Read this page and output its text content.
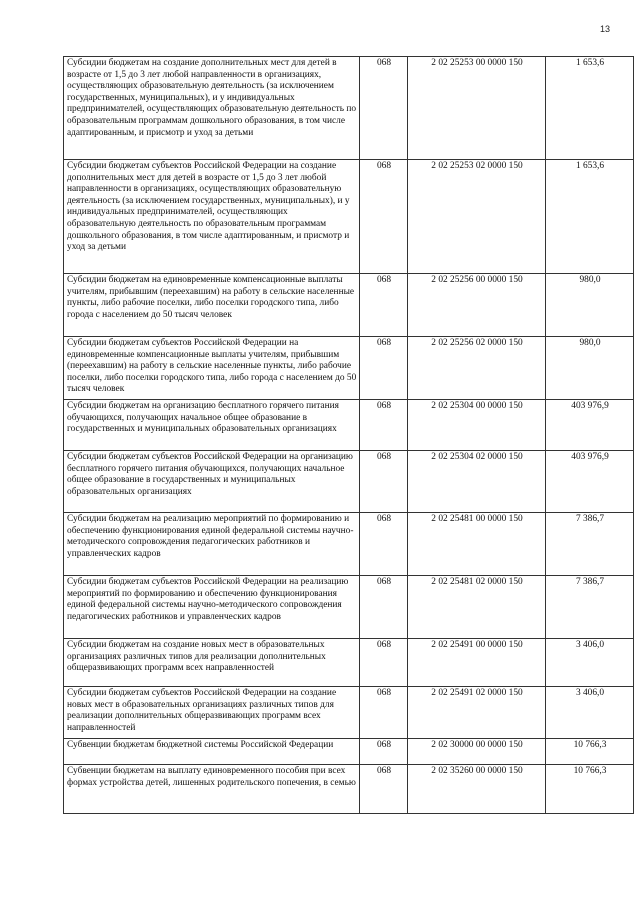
13
Субсидии бюджетам на создание дополнительных мест для детей в возрасте от 1,5 до 3 лет любой направленности в организациях, осуществляющих образовательную деятельность (за исключением государственных, муниципальных), и у индивидуальных предпринимателей, осуществляющих образовательную деятельность по образовательным программам дошкольного образования, в том числе адаптированным, и присмотр и уход за детьми	068	2 02 25253 00 0000 150	1 653,6
Субсидии бюджетам субъектов Российской Федерации на создание дополнительных мест для детей в возрасте от 1,5 до 3 лет любой направленности в организациях, осуществляющих образовательную деятельность (за исключением государственных, муниципальных), и у индивидуальных предпринимателей, осуществляющих образовательную деятельность по образовательным программам дошкольного образования, в том числе адаптированным, и присмотр и уход за детьми	068	2 02 25253 02 0000 150	1 653,6
Субсидии бюджетам на единовременные компенсационные выплаты учителям, прибывшим (переехавшим) на работу в сельские населенные пункты, либо рабочие поселки, либо поселки городского типа, либо города с населением до 50 тысяч человек	068	2 02 25256 00 0000 150	980,0
Субсидии бюджетам субъектов Российской Федерации на единовременные компенсационные выплаты учителям, прибывшим (переехавшим) на работу в сельские населенные пункты, либо рабочие поселки, либо поселки городского типа, либо города с населением до 50 тысяч человек	068	2 02 25256 02 0000 150	980,0
Субсидии бюджетам на организацию бесплатного горячего питания обучающихся, получающих начальное общее образование в государственных и муниципальных образовательных организациях	068	2 02 25304 00 0000 150	403 976,9
Субсидии бюджетам субъектов Российской Федерации на организацию бесплатного горячего питания обучающихся, получающих начальное общее образование в государственных и муниципальных образовательных организациях	068	2 02 25304 02 0000 150	403 976,9
Субсидии бюджетам на реализацию мероприятий по формированию и обеспечению функционирования единой федеральной системы научно-методического сопровождения педагогических работников и управленческих кадров	068	2 02 25481 00 0000 150	7 386,7
Субсидии бюджетам субъектов Российской Федерации на реализацию мероприятий по формированию и обеспечению функционирования единой федеральной системы научно-методического сопровождения педагогических работников и управленческих кадров	068	2 02 25481 02 0000 150	7 386,7
Субсидии бюджетам на создание новых мест в образовательных организациях различных типов для реализации дополнительных общеразвивающих программ всех направленностей	068	2 02 25491 00 0000 150	3 406,0
Субсидии бюджетам субъектов Российской Федерации на создание новых мест в образовательных организациях различных типов для реализации дополнительных общеразвивающих программ всех направленностей	068	2 02 25491 02 0000 150	3 406,0
Субвенции бюджетам бюджетной системы Российской Федерации	068	2 02 30000 00 0000 150	10 766,3
Субвенции бюджетам на выплату единовременного пособия при всех формах устройства детей, лишенных родительского попечения, в семью	068	2 02 35260 00 0000 150	10 766,3
